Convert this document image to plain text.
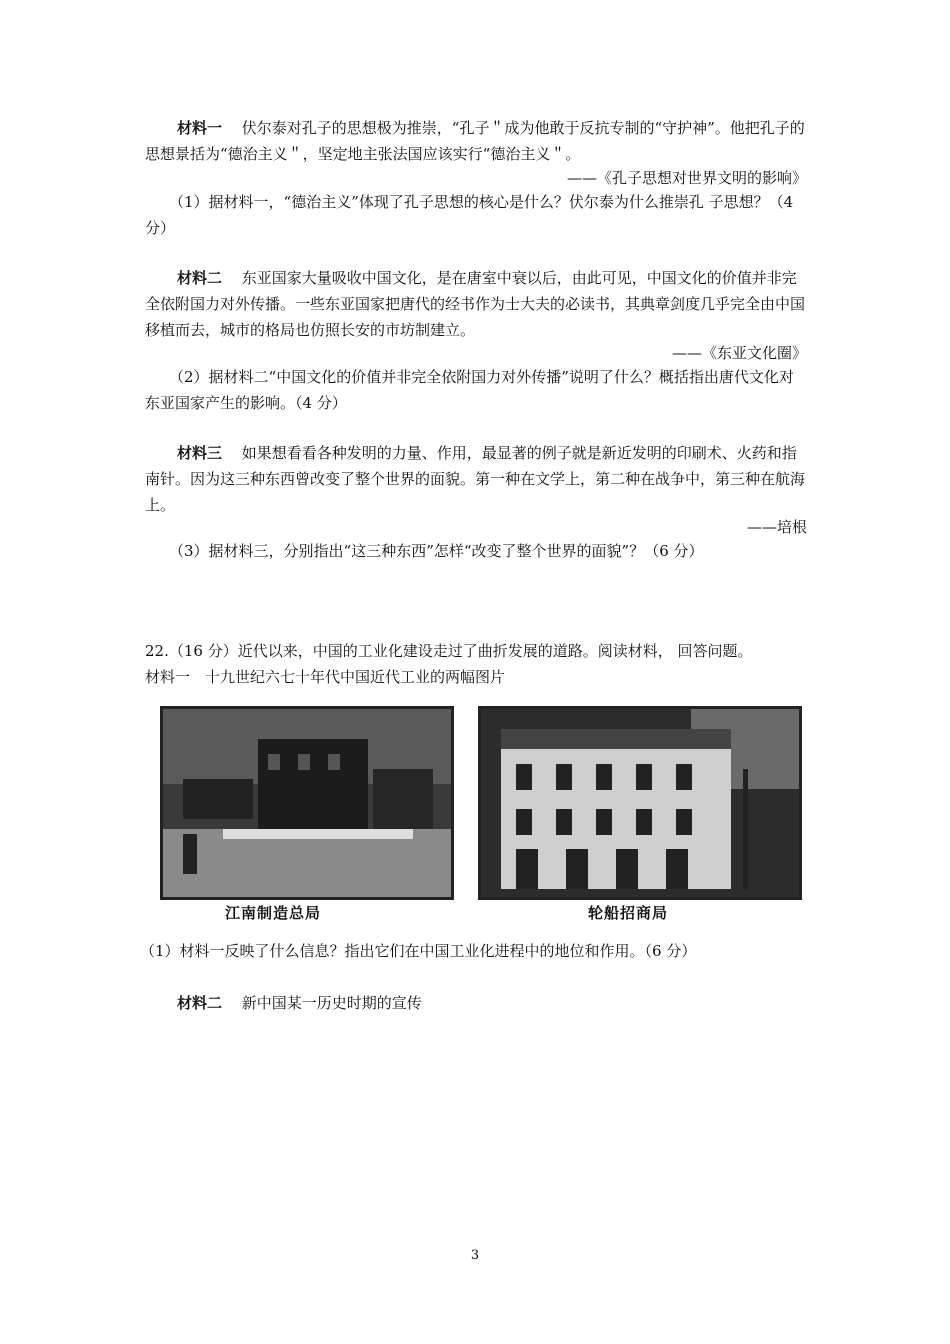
材料一　 伏尔泰对孔子的思想极为推崇，“孔子＂成为他敢于反抗专制的“守护神”。他把孔子的思想景括为“德治主义＂，坚定地主张法国应该实行“德治主义＂。
——《孔子思想对世界文明的影响》
（1）据材料一，“德治主义”体现了孔子思想的核心是什么？伏尔泰为什么推崇孔 子思想？（4 分）
材料二　 东亚国家大量吸收中国文化，是在唐室中衰以后，由此可见，中国文化的价值并非完全依附国力对外传播。一些东亚国家把唐代的经书作为士大夫的必读书，其典章剑度几乎完全由中国移植而去，城市的格局也仿照长安的市坊制建立。
——《东亚文化圈》
（2）据材料二“中国文化的价值并非完全依附国力对外传播”说明了什么？概括指出唐代文化对东亚国家产生的影响。（4 分）
材料三　 如果想看看各种发明的力量、作用，最显著的例子就是新近发明的印刷术、火药和指南针。因为这三种东西曾改变了整个世界的面貌。第一种在文学上，第二种在战争中，第三种在航海上。
——培根
（3）据材料三，分别指出“这三种东西”怎样“改变了整个世界的面貌”？（6 分）
22.（16 分）近代以来，中国的工业化建设走过了曲折发展的道路。阅读材料， 回答问题。
材料一　十九世纪六七十年代中国近代工业的两幅图片
江南制造总局	轮船招商局
（1）材料一反映了什么信息？指出它们在中国工业化进程中的地位和作用。（6 分）
材料二　 新中国某一历史时期的宣传
3
